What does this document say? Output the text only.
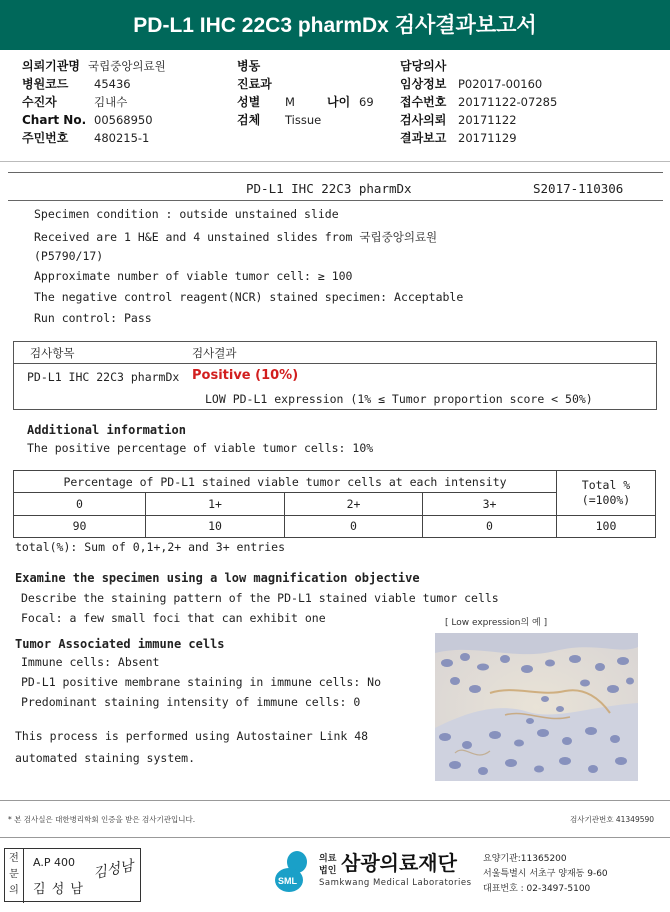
PD-L1 IHC 22C3 pharmDx 검사결과보고서
의뢰기관명 국립중앙의료원
병원코드 45436
수진자	김내수
Chart No. 00568950
주민번호 480215-1
병동
진료과
성별 M	나이 69
검체 Tissue
담당의사
임상정보 P02017-00160
접수번호 20171122-07285
검사의뢰 20171122
결과보고 20171129
PD-L1 IHC 22C3 pharmDx	S2017-110306
Specimen condition : outside unstained slide
Received are 1 H&E and 4 unstained slides from 국립중앙의료원
(P5790/17)
Approximate number of viable tumor cell: ≥ 100
The negative control reagent(NCR) stained specimen: Acceptable
Run control: Pass
검사항목	검사결과
PD-L1 IHC 22C3 pharmDx Positive (10%)
LOW PD-L1 expression (1% ≤ Tumor proportion score < 50%)
Additional information
The positive percentage of viable tumor cells: 10%
Percentage of PD-L1 stained viable tumor cells at each intensity				Total %
(=100%)

0	1+	2+	3+	
90	10	0	0	100
total(%): Sum of 0,1+,2+ and 3+ entries
Examine the specimen using a low magnification objective
Describe the staining pattern of the PD-L1 stained viable tumor cells
Focal: a few small foci that can exhibit one
Tumor Associated immune cells
Immune cells: Absent
PD-L1 positive membrane staining in immune cells: No
Predominant staining intensity of immune cells: 0
This process is performed using Autostainer Link 48
automated staining system.
[ Low expression의 예 ]
* 본 검사실은 대한병리학회 인증을 받은 검사기관입니다.	검사기관번호 41349590
전
문
의
A.P 400
김 성 남
김성남	SML
의료
법인 삼광의료재단
Samkwang Medical Laboratories
요양기관:11365200
서울특별시 서초구 양재동 9-60
대표번호 : 02-3497-5100
